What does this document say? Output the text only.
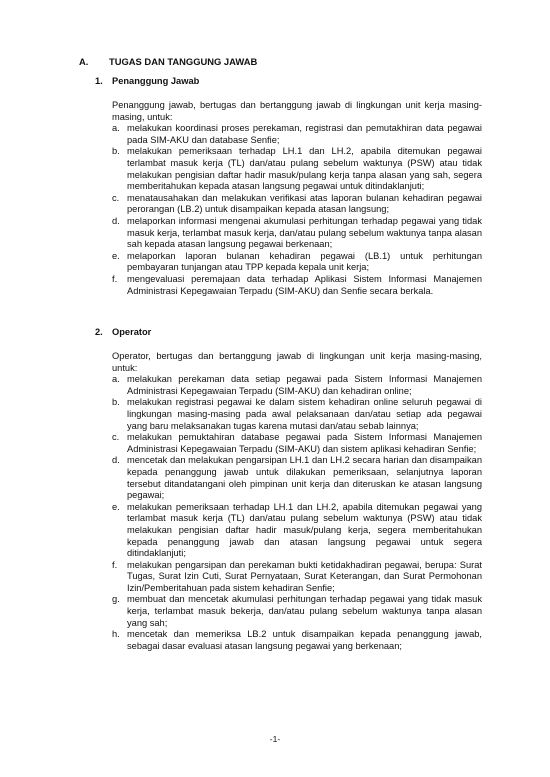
A.	TUGAS DAN TANGGUNG JAWAB
1. Penanggung Jawab

Penanggung jawab, bertugas dan bertanggung jawab di lingkungan unit kerja masing- masing, untuk:

a. melakukan koordinasi proses perekaman, registrasi dan pemutakhiran data pegawai pada SIM-AKU dan database Senfie;
b. melakukan pemeriksaan terhadap LH.1 dan LH.2, apabila ditemukan pegawai terlambat masuk kerja (TL) dan/atau pulang sebelum waktunya (PSW) atau tidak melakukan pengisian daftar hadir masuk/pulang kerja tanpa alasan yang sah, segera memberitahukan kepada atasan langsung pegawai untuk ditindaklanjuti;
c. menatausahakan dan melakukan verifikasi atas laporan bulanan kehadiran pegawai perorangan (LB.2) untuk disampaikan kepada atasan langsung;
d. melaporkan informasi mengenai akumulasi perhitungan terhadap pegawai yang tidak masuk kerja, terlambat masuk kerja, dan/atau pulang sebelum waktunya tanpa alasan sah kepada atasan langsung pegawai berkenaan;
e. melaporkan laporan bulanan kehadiran pegawai (LB.1) untuk perhitungan pembayaran tunjangan atau TPP kepada kepala unit kerja;
f.	mengevaluasi peremajaan data terhadap Aplikasi Sistem Informasi Manajemen Administrasi Kepegawaian Terpadu (SIM-AKU) dan Senfie secara berkala.
2. Operator

Operator, bertugas dan bertanggung jawab di lingkungan unit kerja masing-masing, untuk:

a. melakukan perekaman data setiap pegawai pada Sistem Informasi Manajemen Administrasi Kepegawaian Terpadu (SIM-AKU) dan kehadiran online;
b. melakukan registrasi pegawai ke dalam sistem kehadiran online seluruh pegawai di lingkungan masing-masing pada awal pelaksanaan dan/atau setiap ada pegawai yang baru melaksanakan tugas karena mutasi dan/atau sebab lainnya;
c. melakukan pemuktahiran database pegawai pada Sistem Informasi Manajemen Administrasi Kepegawaian Terpadu (SIM-AKU) dan sistem aplikasi kehadiran Senfie;
d. mencetak dan melakukan pengarsipan LH.1 dan LH.2 secara harian dan disampaikan kepada penanggung jawab untuk dilakukan pemeriksaan, selanjutnya laporan tersebut ditandatangani oleh pimpinan unit kerja dan diteruskan ke atasan langsung pegawai;
e. melakukan pemeriksaan terhadap LH.1 dan LH.2, apabila ditemukan pegawai yang terlambat masuk kerja (TL) dan/atau pulang sebelum waktunya (PSW) atau tidak melakukan pengisian daftar hadir masuk/pulang kerja, segera memberitahukan kepada penanggung jawab dan atasan langsung pegawai untuk segera ditindaklanjuti;
f.	melakukan pengarsipan dan perekaman bukti ketidakhadiran pegawai, berupa: Surat Tugas, Surat Izin Cuti, Surat Pernyataan, Surat Keterangan, dan Surat Permohonan Izin/Pemberitahuan pada sistem kehadiran Senfie;
g. membuat dan mencetak akumulasi perhitungan terhadap pegawai yang tidak masuk kerja, terlambat masuk bekerja, dan/atau pulang sebelum waktunya tanpa alasan yang sah;
h. mencetak dan memeriksa LB.2 untuk disampaikan kepada penanggung jawab, sebagai dasar evaluasi atasan langsung pegawai yang berkenaan;
-1-
